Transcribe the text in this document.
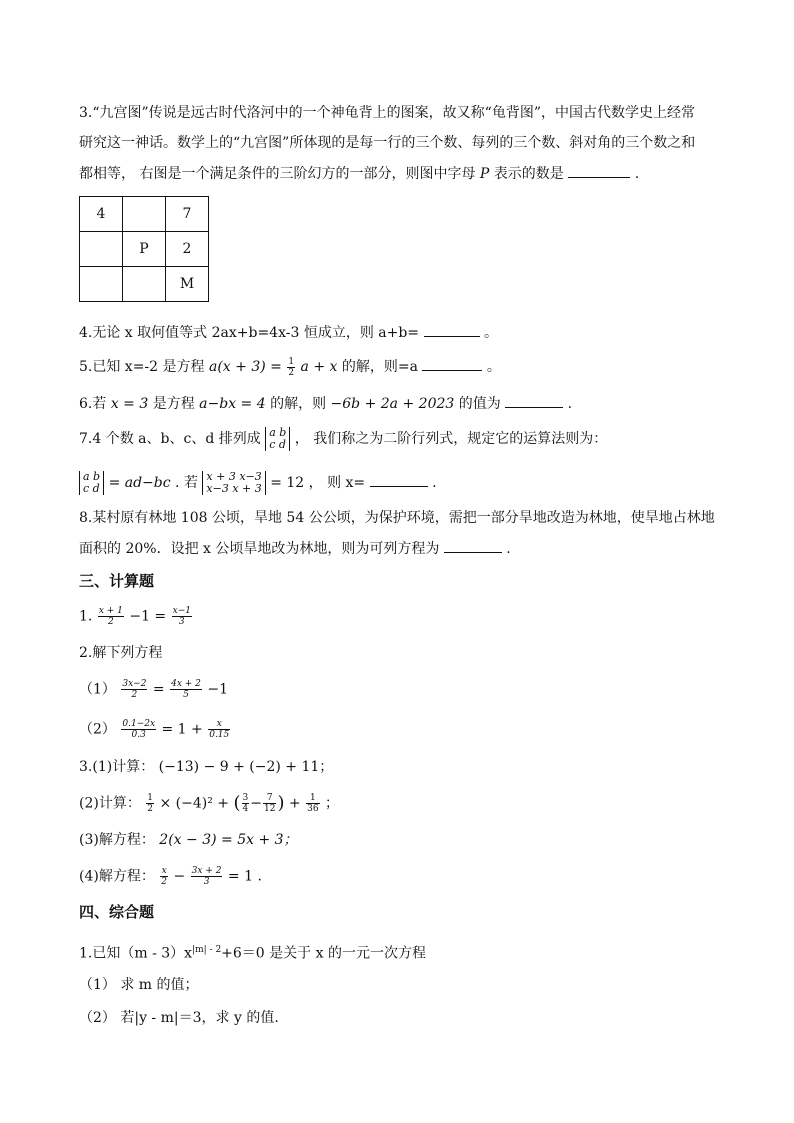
3.“九宫图”传说是远古时代洛河中的一个神龟背上的图案，故又称“龟背图”，中国古代数学史上经常
研究这一神话。数学上的“九宫图”所体现的是每一行的三个数、每列的三个数、斜对角的三个数之和
都相等， 右图是一个满足条件的三阶幻方的一部分，则图中字母 P 表示的数是	.
4		7
	P	2
		M
4.无论 x 取何值等式 2ax+b=4x-3 恒成立，则 a+b=	。
5.已知 x=-2 是方程 $a(x + 3) = \frac{1}{2}$ a + x 的解，则=a	。
6.若 x = 3 是方程 a−bx = 4 的解，则 −6b + 2a + 2023 的值为	.
7.4 个数 a、b、c、d 排列成 a b
c d ， 我们称之为二阶行列式，规定它的运算法则为：
a b
c d = ad−bc . 若 x + 3 x−3
x−3 x + 3 = 12 ， 则 x=	.
8.某村原有林地 108 公顷，旱地 54 公公顷，为保护环境，需把一部分旱地改造为林地，使旱地占林地
面积的 20%．设把 x 公顷旱地改为林地，则为可列方程为	.
三、计算题
1. $\frac{x + 1}{2} -1 = \frac{x-1}{3}$
2.解下列方程
$(1) \frac{3x-2}{2} = \frac{4x + 2}{5} -1$
$(2) \frac{0.1-2x}{0.3} = 1 + \frac{x}{0.15}$
3.(1)计算： (−13) − 9 + (−2) + 11；
(2)计算： $\frac{1}{2} \times (-4)^2$ + ( $\frac{3}{4} - \frac{7}{12}$ ) + $\frac{1}{36}$ ；
(3)解方程： 2(x − 3) = 5x + 3；
(4)解方程： $\frac{x}{2} - \frac{3x + 2}{3} = 1$ .
四、综合题
1.已知$(m - 3)x^{|m| - 2}+6=0$ 是关于 x 的一元一次方程
（1） 求 m 的值；
（2） 若|y - m|＝3，求 y 的值.
